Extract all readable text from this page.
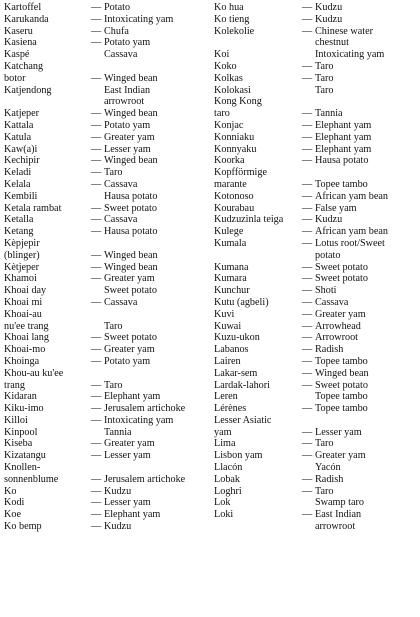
Kartoffel	— Potato
Karukanda	— Intoxicating yam
Kaseru	— Chufa
Kasiena	— Potato yam
Kaspé	Cassava
Katchang
botor	— Winged bean
Katjendong	East Indian
arrowroot
Katjeper	— Winged bean
Kattala	— Potato yam
Katula	— Greater yam
Kaw(a)i	— Lesser yam
Kechipir	— Winged bean
Keladi	— Taro
Kelala	— Cassava
Kembili	Hausa potato
Ketala rambat	— Sweet potato
Ketalla	— Cassava
Ketang	— Hausa potato
Kèpjepir
(blinger)	— Winged bean
Kètjeper	— Winged bean
Khamoi	— Greater yam
Khoai day	Sweet potato
Khoai mi	— Cassava
Khoai-au
nu'ee trang	Taro
Khoai lang	— Sweet potato
Khoai-mo	— Greater yam
Khoinga	— Potato yam
Khou-au ku'ee
trang	— Taro
Kidaran	— Elephant yam
Kiku-imo	— Jerusalem artichoke
Killoi	— Intoxicating yam
Kinpool	Tannia
Kiseba	— Greater yam
Kizatangu	— Lesser yam
Knollen-
sonnenblume	— Jerusalem artichoke
Ko	— Kudzu
Kodi	— Lesser yam
Koe	— Elephant yam
Ko bemp	— Kudzu
Ko hua	— Kudzu
Ko tieng	— Kudzu
Kolekolie	— Chinese water
chestnut
Koi	Intoxicating yam
Koko	— Taro
Kolkas	— Taro
Kolokasi	Taro
Kong Kong
taro	— Tannia
Konjac	— Elephant yam
Konniaku	— Elephant yam
Konnyaku	— Elephant yam
Koorka	— Hausa potato
Kopfförmige
marante	— Topee tambo
Kotonoso	— African yam bean
Kourabau	— False yam
Kudzuzinla teiga — Kudzu
Kulege	— African yam bean
Kumala	— Lotus root/Sweet
potato
Kumana	— Sweet potato
Kumara	— Sweet potato
Kunchur	— Shoti
Kutu (agbeli)	— Cassava
Kuvi	— Greater yam
Kuwai	— Arrowhead
Kuzu-ukon	— Arrowroot
Labanos	— Radish
Lairen	— Topee tambo
Lakar-sem	— Winged bean
Lardak-lahori	— Sweet potato
Leren	Topee tambo
Lérènes	— Topee tambo
Lesser Asiatic
yam	— Lesser yam
Lima	— Taro
Lisbon yam	— Greater yam
Llacón	Yacón
Lobak	— Radish
Loghri	— Taro
Lok	Swamp taro
Loki	— East Indian
arrowroot
